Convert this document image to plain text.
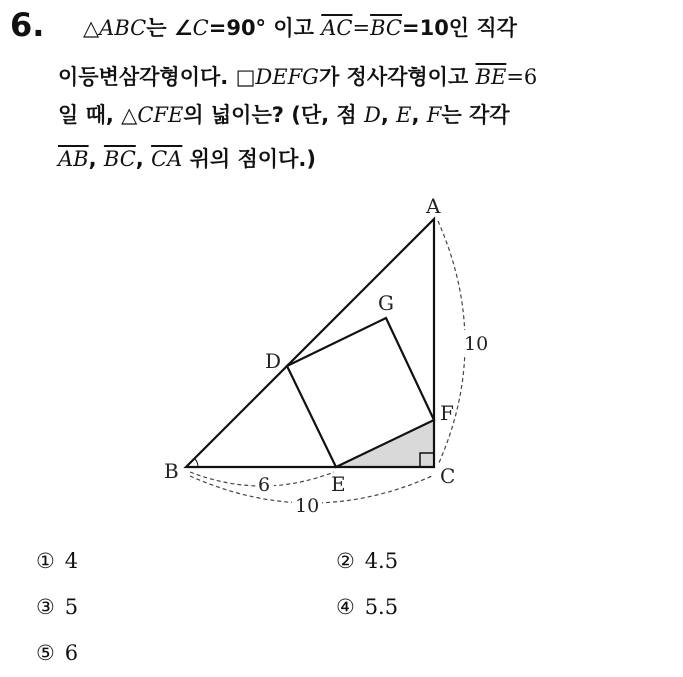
6. △ABC는 ∠C=90° 이고 $\overline{AC}=\overline{BC}=10$인 직각
이등변삼각형이다. □DEFG가 정사각형이고 $\overline{BE}=6$
일 때, △CFE의 넓이는? (단, 점 D, E, F는 각각
$\overline{AB}$, $\overline{BC}$, $\overline{CA}$ 위의 점이다.)
A
B	C
D
E
F
G
6
10
10
① 4	② 4.5
③ 5	④ 5.5
⑤ 6
